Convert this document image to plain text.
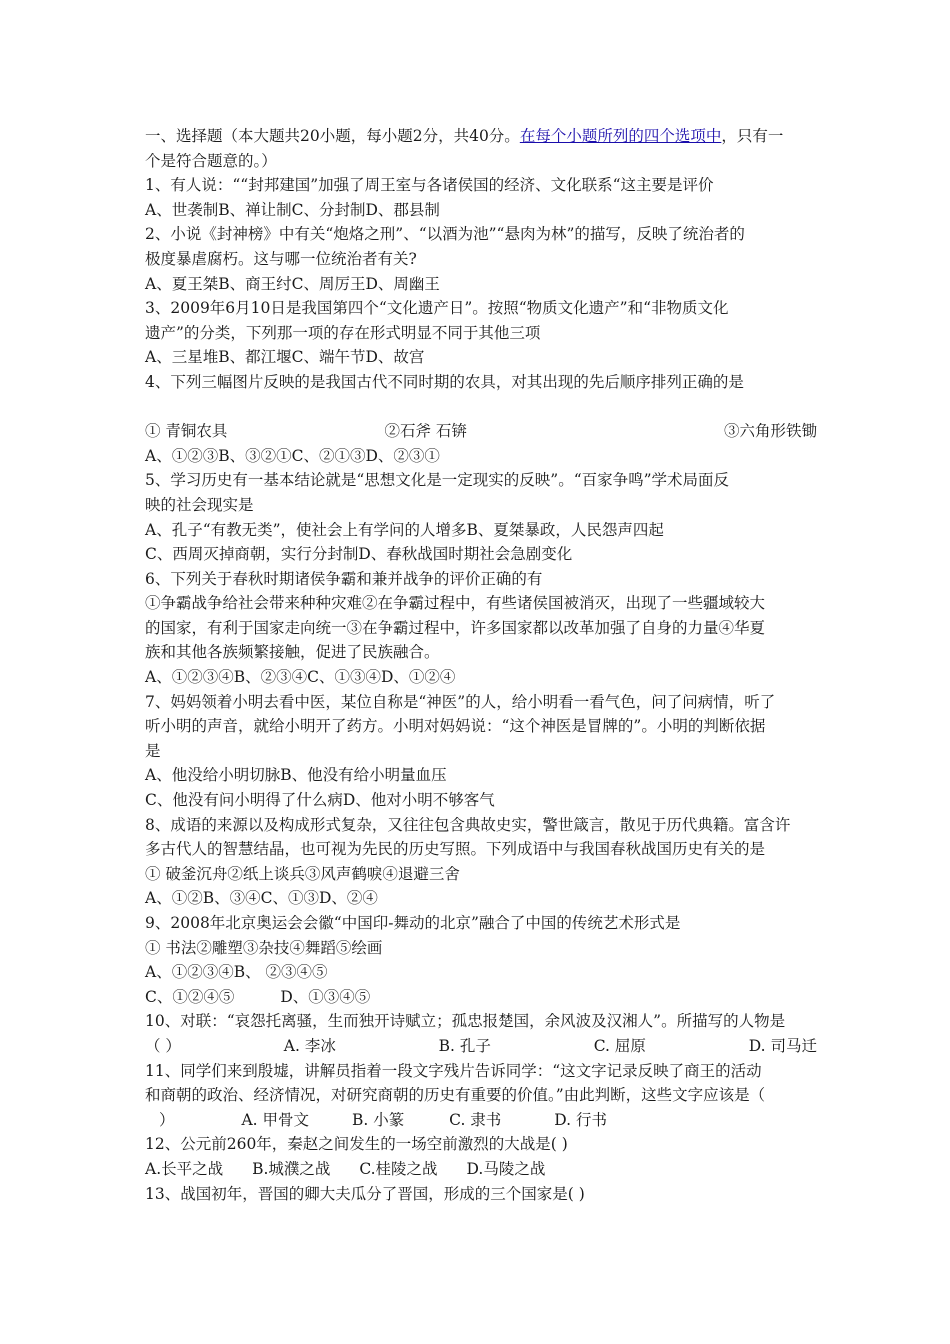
一、选择题（本大题共20小题，每小题2分，共40分。在每个小题所列的四个选项中，只有一
个是符合题意的。）
1、有人说：““封邦建国”加强了周王室与各诸侯国的经济、文化联系“这主要是评价
A、世袭制B、禅让制C、分封制D、郡县制
2、小说《封神榜》中有关“炮烙之刑”、“以酒为池”“悬肉为林”的描写，反映了统治者的
极度暴虐腐朽。这与哪一位统治者有关?
A、夏王桀B、商王纣C、周厉王D、周幽王
3、2009年6月10日是我国第四个“文化遗产日”。按照“物质文化遗产”和“非物质文化
遗产”的分类，下列那一项的存在形式明显不同于其他三项
A、三星堆B、都江堰C、端午节D、故宫
4、下列三幅图片反映的是我国古代不同时期的农具，对其出现的先后顺序排列正确的是
① 青铜农具	②石斧 石锛	③六角形铁锄
A、①②③B、③②①C、②①③D、②③①
5、学习历史有一基本结论就是“思想文化是一定现实的反映”。“百家争鸣”学术局面反
映的社会现实是
A、孔子“有教无类”，使社会上有学问的人增多B、夏桀暴政，人民怨声四起
C、西周灭掉商朝，实行分封制D、春秋战国时期社会急剧变化
6、下列关于春秋时期诸侯争霸和兼并战争的评价正确的有
①争霸战争给社会带来种种灾难②在争霸过程中，有些诸侯国被消灭，出现了一些疆域较大
的国家，有利于国家走向统一③在争霸过程中，许多国家都以改革加强了自身的力量④华夏
族和其他各族频繁接触，促进了民族融合。
A、①②③④B、②③④C、①③④D、①②④
7、妈妈领着小明去看中医，某位自称是“神医”的人，给小明看一看气色，问了问病情，听了
听小明的声音，就给小明开了药方。小明对妈妈说：“这个神医是冒牌的”。小明的判断依据
是
A、他没给小明切脉B、他没有给小明量血压
C、他没有问小明得了什么病D、他对小明不够客气
8、成语的来源以及构成形式复杂，又往往包含典故史实，警世箴言，散见于历代典籍。富含许
多古代人的智慧结晶，也可视为先民的历史写照。下列成语中与我国春秋战国历史有关的是
① 破釜沉舟②纸上谈兵③风声鹤唳④退避三舍
A、①②B、③④C、①③D、②④
9、2008年北京奥运会会徽“中国印-舞动的北京”融合了中国的传统艺术形式是
① 书法②雕塑③杂技④舞蹈⑤绘画
A、①②③④B、 ②③④⑤
C、①②④⑤	D、①③④⑤
10、对联：“哀怨托离骚，生而独开诗赋立；孤忠报楚国，余风波及汉湘人”。所描写的人物是
（ ）	A. 李冰	B. 孔子	C. 屈原	D. 司马迁
11、同学们来到殷墟，讲解员指着一段文字残片告诉同学：“这文字记录反映了商王的活动
和商朝的政治、经济情况，对研究商朝的历史有重要的价值。”由此判断，这些文字应该是（
）	A. 甲骨文	B. 小篆	C. 隶书	D. 行书
12、公元前260年，秦赵之间发生的一场空前激烈的大战是( )
A.长平之战 B.城濮之战 C.桂陵之战 D.马陵之战
13、战国初年，晋国的卿大夫瓜分了晋国，形成的三个国家是( )
